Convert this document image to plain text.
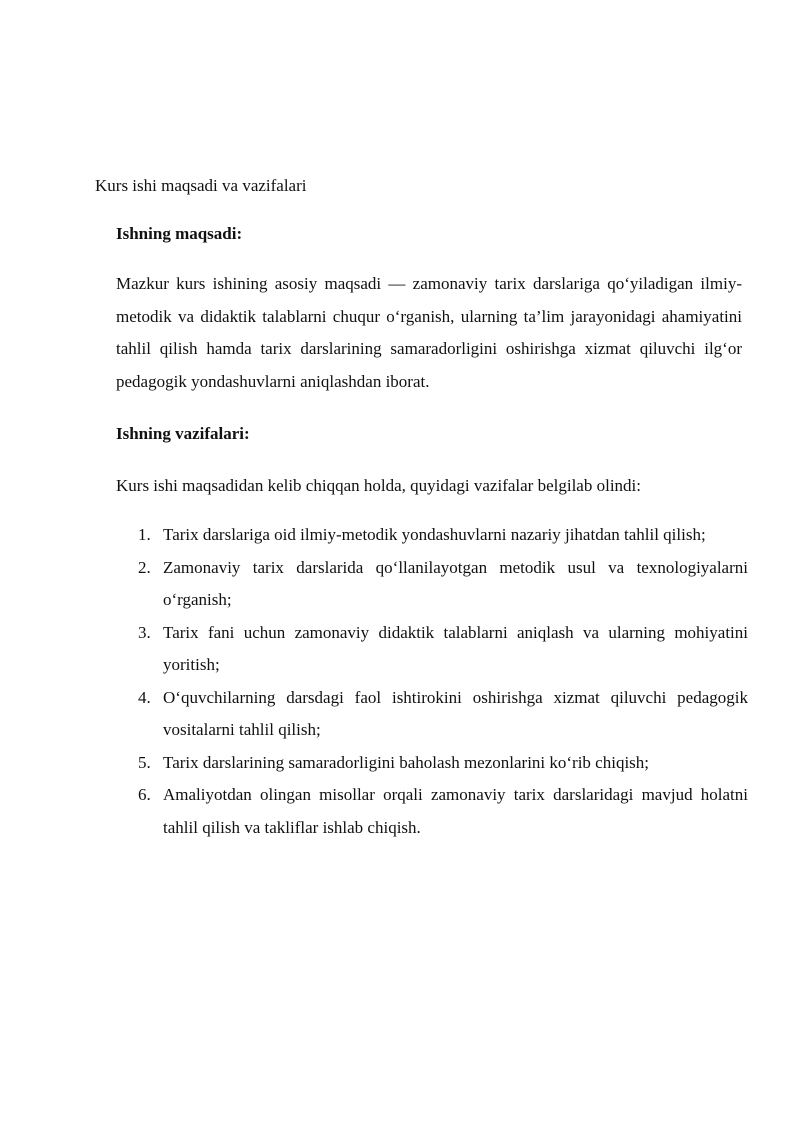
Kurs ishi maqsadi va vazifalari
Ishning maqsadi:
Mazkur kurs ishining asosiy maqsadi — zamonaviy tarix darslariga qo‘yiladigan ilmiy-metodik va didaktik talablarni chuqur o‘rganish, ularning ta’lim jarayonidagi ahamiyatini tahlil qilish hamda tarix darslarining samaradorligini oshirishga xizmat qiluvchi ilg‘or pedagogik yondashuvlarni aniqlashdan iborat.
Ishning vazifalari:
Kurs ishi maqsadidan kelib chiqqan holda, quyidagi vazifalar belgilab olindi:
1. Tarix darslariga oid ilmiy-metodik yondashuvlarni nazariy jihatdan tahlil qilish;
2. Zamonaviy tarix darslarida qo‘llanilayotgan metodik usul va texnologiyalarni o‘rganish;
3. Tarix fani uchun zamonaviy didaktik talablarni aniqlash va ularning mohiyatini yoritish;
4. O‘quvchilarning darsdagi faol ishtirokini oshirishga xizmat qiluvchi pedagogik vositalarni tahlil qilish;
5. Tarix darslarining samaradorligini baholash mezonlarini ko‘rib chiqish;
6. Amaliyotdan olingan misollar orqali zamonaviy tarix darslaridagi mavjud holatni tahlil qilish va takliflar ishlab chiqish.
